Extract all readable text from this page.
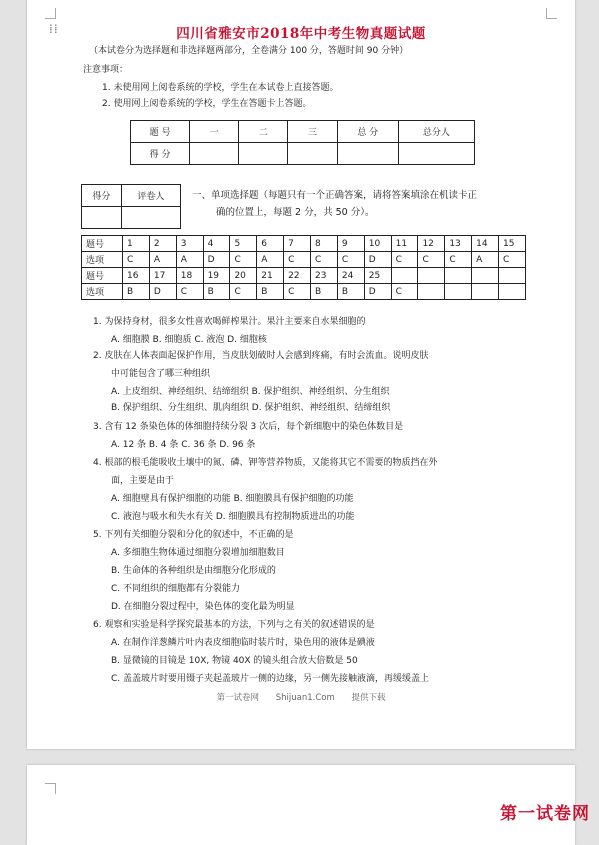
⁞⁞	四川省雅安市2018年中考生物真题试题
（本试卷分为选择题和非选择题两部分，全卷满分 100 分，答题时间 90 分钟）
注意事项：
1. 未使用网上阅卷系统的学校，学生在本试卷上直接答题。
2. 使用网上阅卷系统的学校，学生在答题卡上答题。
题 号	一	二	三	总 分	总分人
得 分					
得分	评卷人
		一、单项选择题（每题只有一个正确答案，请将答案填涂在机读卡正
确的位置上，每题 2 分，共 50 分）。
题号	1	2	3	4	5	6	7	8	9	10	11	12	13	14	15
选项	C	A	A	D	C	A	C	C	C	D	C	C	C	A	C
题号	16	17	18	19	20	21	22	23	24	25					
选项	B	D	C	B	C	B	C	B	B	D	C				
1. 为保持身材，很多女性喜欢喝鲜榨果汁。果汁主要来自水果细胞的
A. 细胞膜 B. 细胞质 C. 液泡 D. 细胞核
2. 皮肤在人体表面起保护作用，当皮肤划破时人会感到疼痛，有时会流血。说明皮肤
中可能包含了哪三种组织
A. 上皮组织、神经组织、结缔组织 B. 保护组织、神经组织、分生组织
B. 保护组织、分生组织、肌肉组织 D. 保护组织、神经组织、结缔组织
3. 含有 12 条染色体的体细胞持续分裂 3 次后，每个新细胞中的染色体数目是
A. 12 条 B. 4 条 C. 36 条 D. 96 条
4. 根部的根毛能吸收土壤中的氮、磷、钾等营养物质，又能将其它不需要的物质挡在外
面，主要是由于
A. 细胞壁具有保护细胞的功能 B. 细胞膜具有保护细胞的功能
C. 液泡与吸水和失水有关 D. 细胞膜具有控制物质进出的功能
5. 下列有关细胞分裂和分化的叙述中，不正确的是
A. 多细胞生物体通过细胞分裂增加细胞数目
B. 生命体的各种组织是由细胞分化形成的
C. 不同组织的细胞都有分裂能力
D. 在细胞分裂过程中，染色体的变化最为明显
6. 观察和实验是科学探究最基本的方法，下列与之有关的叙述错误的是
A. 在制作洋葱鳞片叶内表皮细胞临时装片时，染色用的液体是碘液
B. 显微镜的目镜是 10X, 物镜 40X 的镜头组合放大倍数是 50
C. 盖盖玻片时要用镊子夹起盖玻片一侧的边缘，另一侧先接触液滴，再缓缓盖上
第一试卷网 Shijuan1.Com 提供下载
第一试卷网
